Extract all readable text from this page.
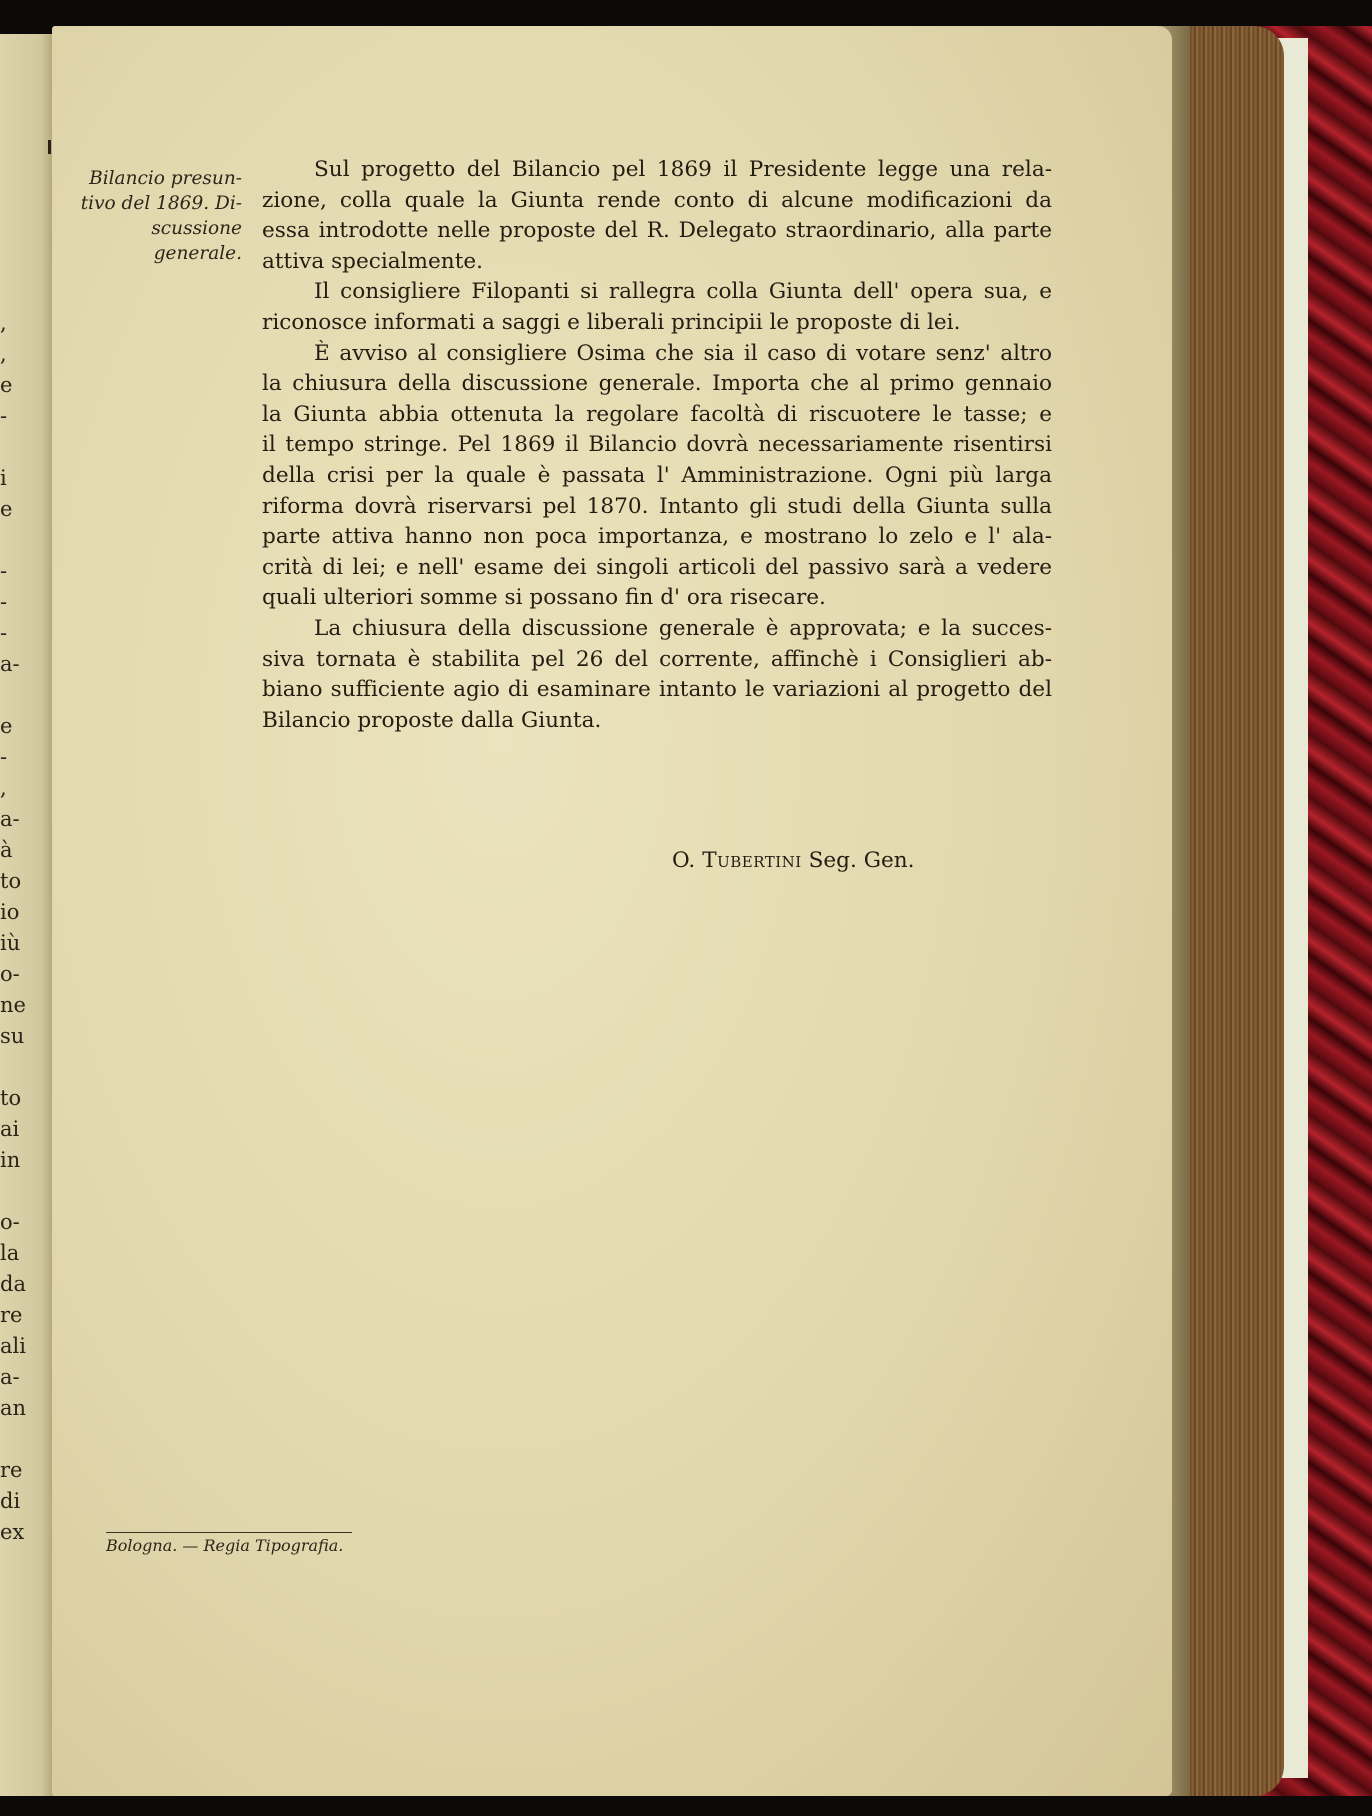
,
,
e
-
i
e
-
-
-
a-
e
-
,
a-
à
to
io
iù
o-
ne
su
to
ai
in
o-
la
da
re
ali
a-
an
re
di
ex
Bilancio presun-
tivo del 1869. Di-
scussione generale.
Sul progetto del Bilancio pel 1869 il Presidente legge una rela-
zione, colla quale la Giunta rende conto di alcune modificazioni da
essa introdotte nelle proposte del R. Delegato straordinario, alla parte
attiva specialmente.
Il consigliere Filopanti si rallegra colla Giunta dell' opera sua, e
riconosce informati a saggi e liberali principii le proposte di lei.
È avviso al consigliere Osima che sia il caso di votare senz' altro
la chiusura della discussione generale. Importa che al primo gennaio
la Giunta abbia ottenuta la regolare facoltà di riscuotere le tasse; e
il tempo stringe. Pel 1869 il Bilancio dovrà necessariamente risentirsi
della crisi per la quale è passata l' Amministrazione. Ogni più larga
riforma dovrà riservarsi pel 1870. Intanto gli studi della Giunta sulla
parte attiva hanno non poca importanza, e mostrano lo zelo e l' ala-
crità di lei; e nell' esame dei singoli articoli del passivo sarà a vedere
quali ulteriori somme si possano fin d' ora risecare.
La chiusura della discussione generale è approvata; e la succes-
siva tornata è stabilita pel 26 del corrente, affinchè i Consiglieri ab-
biano sufficiente agio di esaminare intanto le variazioni al progetto del
Bilancio proposte dalla Giunta.
O. Tubertini Seg. Gen.
Bologna. — Regia Tipografia.
